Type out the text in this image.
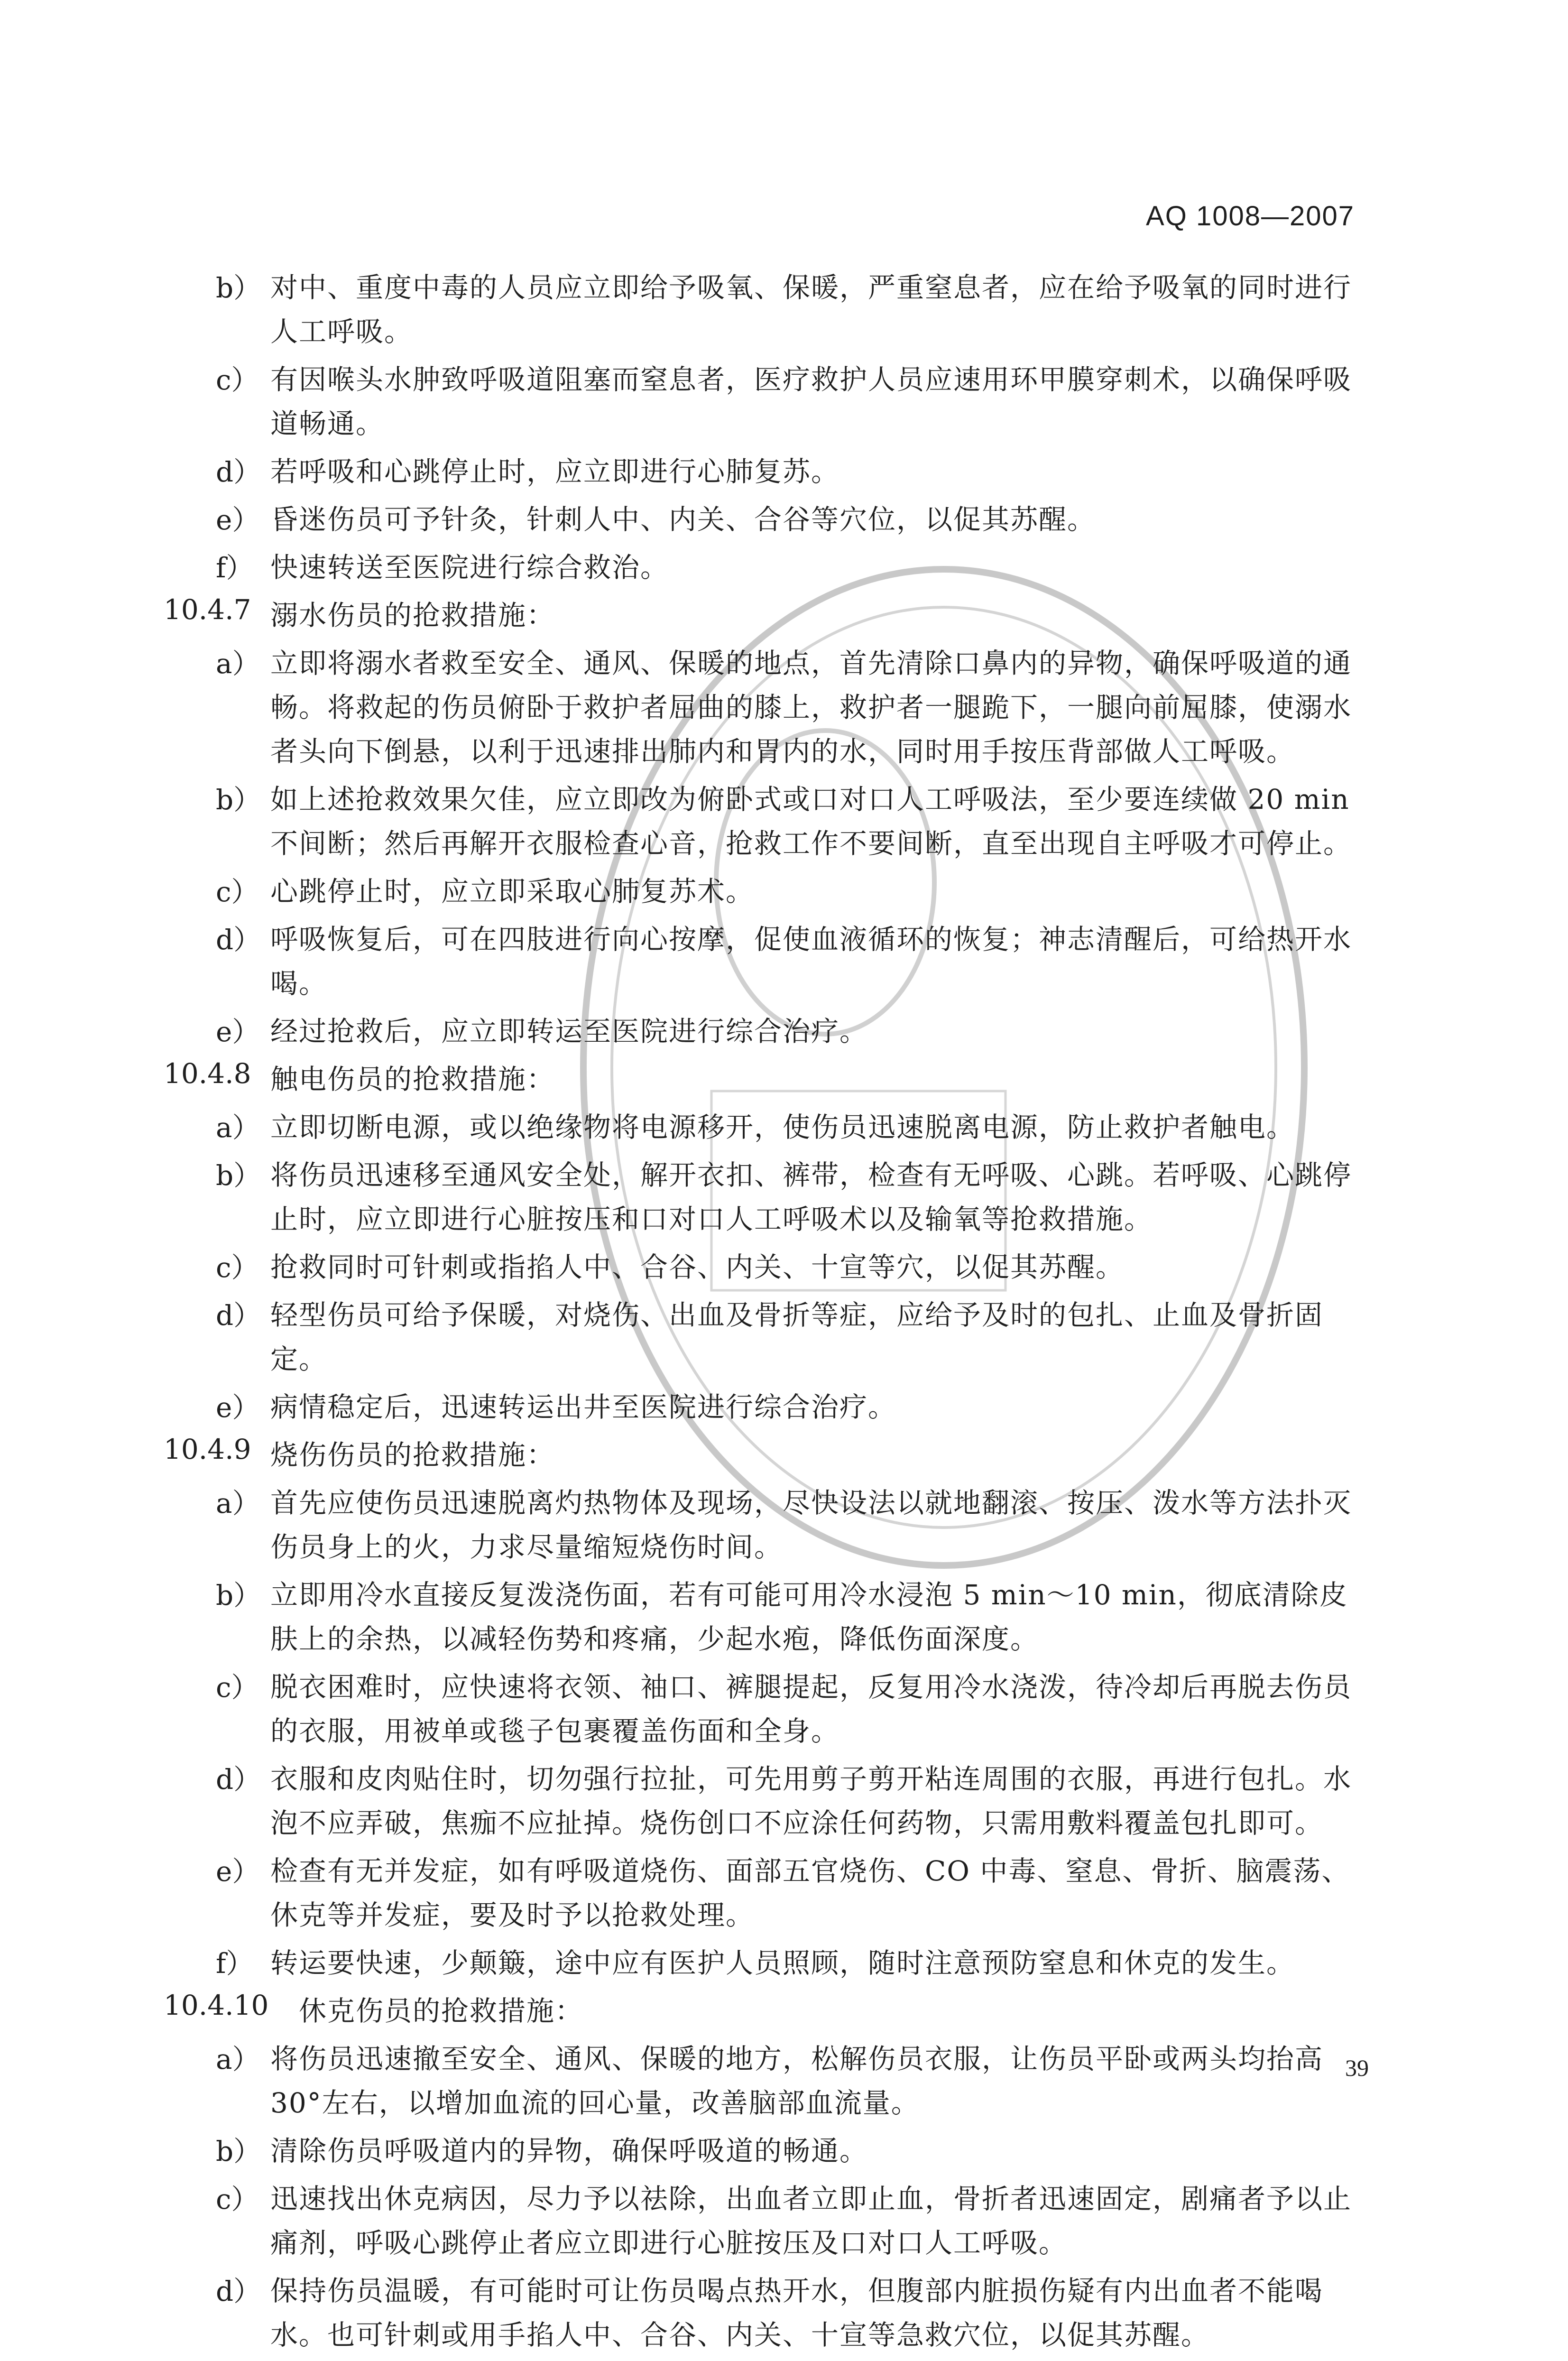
AQ 1008—2007
b） 对中、重度中毒的人员应立即给予吸氧、保暖，严重窒息者，应在给予吸氧的同时进行人工呼吸。
c） 有因喉头水肿致呼吸道阻塞而窒息者，医疗救护人员应速用环甲膜穿刺术，以确保呼吸道畅通。
d） 若呼吸和心跳停止时，应立即进行心肺复苏。
e） 昏迷伤员可予针灸，针刺人中、内关、合谷等穴位，以促其苏醒。
f） 快速转送至医院进行综合救治。
10.4.7 溺水伤员的抢救措施：
a） 立即将溺水者救至安全、通风、保暖的地点，首先清除口鼻内的异物，确保呼吸道的通畅。将救起的伤员俯卧于救护者屈曲的膝上，救护者一腿跪下，一腿向前屈膝，使溺水者头向下倒悬，以利于迅速排出肺内和胃内的水，同时用手按压背部做人工呼吸。
b） 如上述抢救效果欠佳，应立即改为俯卧式或口对口人工呼吸法，至少要连续做 20 min 不间断；然后再解开衣服检查心音，抢救工作不要间断，直至出现自主呼吸才可停止。
c） 心跳停止时，应立即采取心肺复苏术。
d） 呼吸恢复后，可在四肢进行向心按摩，促使血液循环的恢复；神志清醒后，可给热开水喝。
e） 经过抢救后，应立即转运至医院进行综合治疗。
10.4.8 触电伤员的抢救措施：
a） 立即切断电源，或以绝缘物将电源移开，使伤员迅速脱离电源，防止救护者触电。
b） 将伤员迅速移至通风安全处，解开衣扣、裤带，检查有无呼吸、心跳。若呼吸、心跳停止时，应立即进行心脏按压和口对口人工呼吸术以及输氧等抢救措施。
c） 抢救同时可针刺或指掐人中、合谷、内关、十宣等穴，以促其苏醒。
d） 轻型伤员可给予保暖，对烧伤、出血及骨折等症，应给予及时的包扎、止血及骨折固定。
e） 病情稳定后，迅速转运出井至医院进行综合治疗。
10.4.9 烧伤伤员的抢救措施：
a） 首先应使伤员迅速脱离灼热物体及现场，尽快设法以就地翻滚、按压、泼水等方法扑灭伤员身上的火，力求尽量缩短烧伤时间。
b） 立即用冷水直接反复泼浇伤面，若有可能可用冷水浸泡 5 min～10 min，彻底清除皮肤上的余热，以减轻伤势和疼痛，少起水疱，降低伤面深度。
c） 脱衣困难时，应快速将衣领、袖口、裤腿提起，反复用冷水浇泼，待冷却后再脱去伤员的衣服，用被单或毯子包裹覆盖伤面和全身。
d） 衣服和皮肉贴住时，切勿强行拉扯，可先用剪子剪开粘连周围的衣服，再进行包扎。水泡不应弄破，焦痂不应扯掉。烧伤创口不应涂任何药物，只需用敷料覆盖包扎即可。
e） 检查有无并发症，如有呼吸道烧伤、面部五官烧伤、CO 中毒、窒息、骨折、脑震荡、休克等并发症，要及时予以抢救处理。
f） 转运要快速，少颠簸，途中应有医护人员照顾，随时注意预防窒息和休克的发生。
10.4.10 休克伤员的抢救措施：
a） 将伤员迅速撤至安全、通风、保暖的地方，松解伤员衣服，让伤员平卧或两头均抬高 30°左右，以增加血流的回心量，改善脑部血流量。
b） 清除伤员呼吸道内的异物，确保呼吸道的畅通。
c） 迅速找出休克病因，尽力予以祛除，出血者立即止血，骨折者迅速固定，剧痛者予以止痛剂，呼吸心跳停止者应立即进行心脏按压及口对口人工呼吸。
d） 保持伤员温暖，有可能时可让伤员喝点热开水，但腹部内脏损伤疑有内出血者不能喝水。也可针刺或用手掐人中、合谷、内关、十宣等急救穴位，以促其苏醒。
39
